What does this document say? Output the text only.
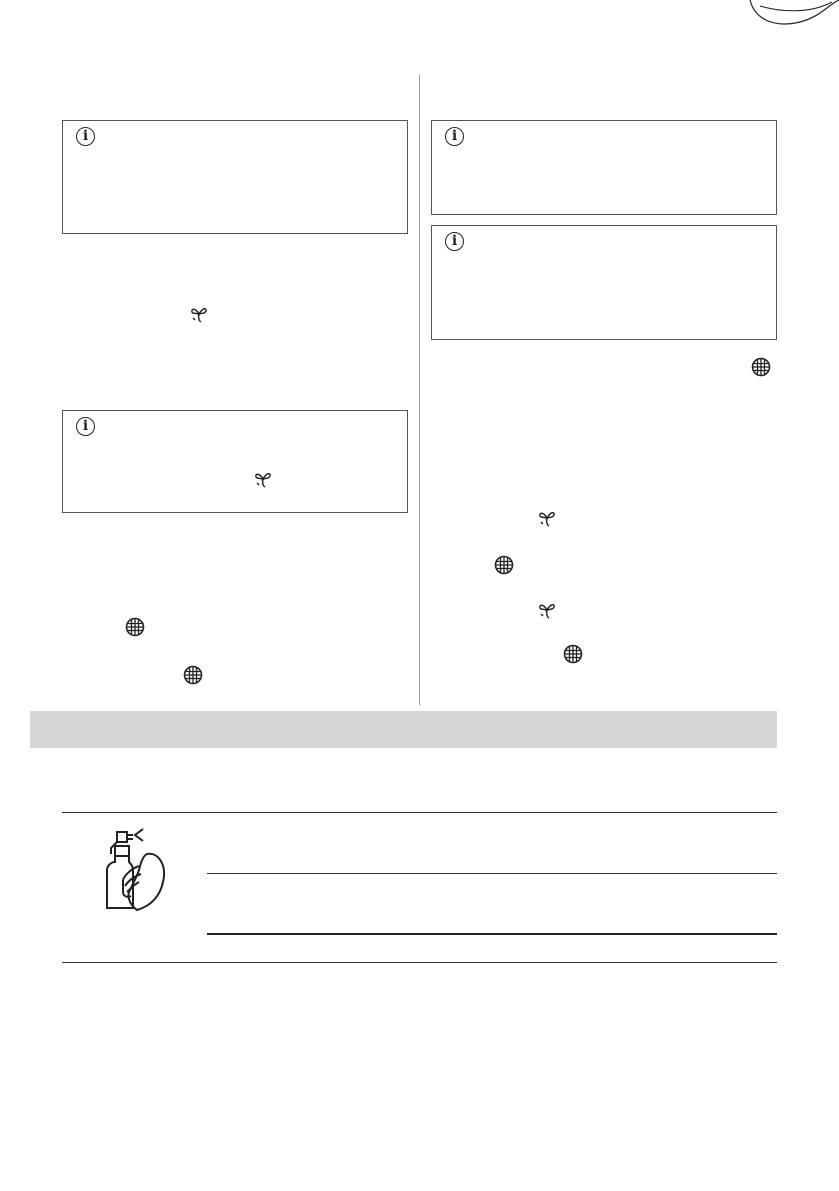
i
i
i
i
